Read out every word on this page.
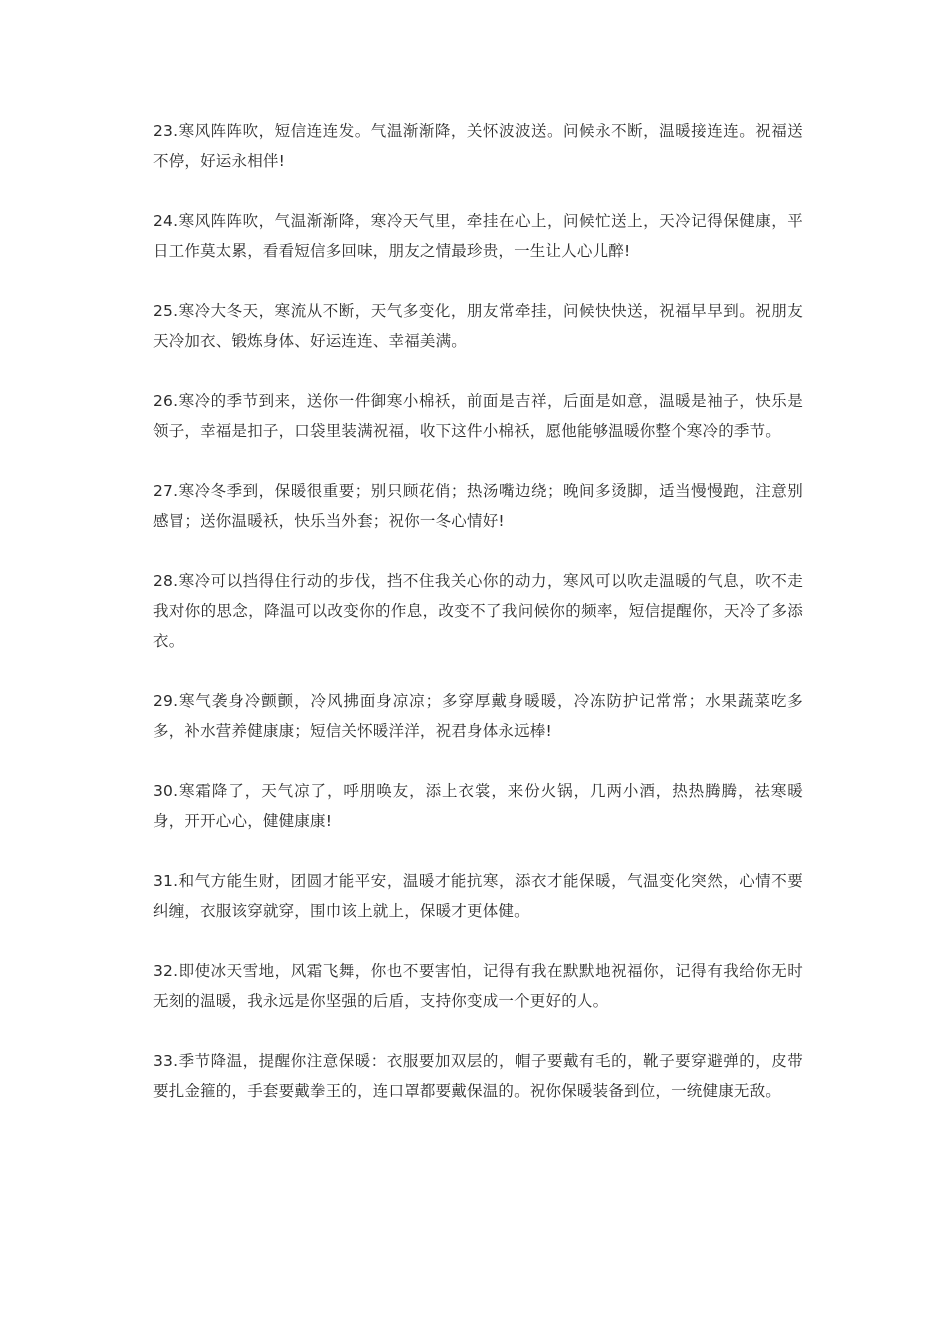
23.寒风阵阵吹，短信连连发。气温渐渐降，关怀波波送。问候永不断，温暖接连连。祝福送不停，好运永相伴!

24.寒风阵阵吹，气温渐渐降，寒冷天气里，牵挂在心上，问候忙送上，天冷记得保健康，平日工作莫太累，看看短信多回味，朋友之情最珍贵，一生让人心儿醉!

25.寒冷大冬天，寒流从不断，天气多变化，朋友常牵挂，问候快快送，祝福早早到。祝朋友天冷加衣、锻炼身体、好运连连、幸福美满。

26.寒冷的季节到来，送你一件御寒小棉袄，前面是吉祥，后面是如意，温暖是袖子，快乐是领子，幸福是扣子，口袋里装满祝福，收下这件小棉袄，愿他能够温暖你整个寒冷的季节。

27.寒冷冬季到，保暖很重要；别只顾花俏；热汤嘴边绕；晚间多烫脚，适当慢慢跑，注意别感冒；送你温暖袄，快乐当外套；祝你一冬心情好!

28.寒冷可以挡得住行动的步伐，挡不住我关心你的动力，寒风可以吹走温暖的气息，吹不走我对你的思念，降温可以改变你的作息，改变不了我问候你的频率，短信提醒你，天冷了多添衣。

29.寒气袭身冷颤颤，冷风拂面身凉凉；多穿厚戴身暖暖，冷冻防护记常常；水果蔬菜吃多多，补水营养健康康；短信关怀暖洋洋，祝君身体永远棒!

30.寒霜降了，天气凉了，呼朋唤友，添上衣裳，来份火锅，几两小酒，热热腾腾，祛寒暖身，开开心心，健健康康!

31.和气方能生财，团圆才能平安，温暖才能抗寒，添衣才能保暖，气温变化突然，心情不要纠缠，衣服该穿就穿，围巾该上就上，保暖才更体健。

32.即使冰天雪地，风霜飞舞，你也不要害怕，记得有我在默默地祝福你，记得有我给你无时无刻的温暖，我永远是你坚强的后盾，支持你变成一个更好的人。

33.季节降温，提醒你注意保暖：衣服要加双层的，帽子要戴有毛的，靴子要穿避弹的，皮带要扎金箍的，手套要戴拳王的，连口罩都要戴保温的。祝你保暖装备到位，一统健康无敌。
